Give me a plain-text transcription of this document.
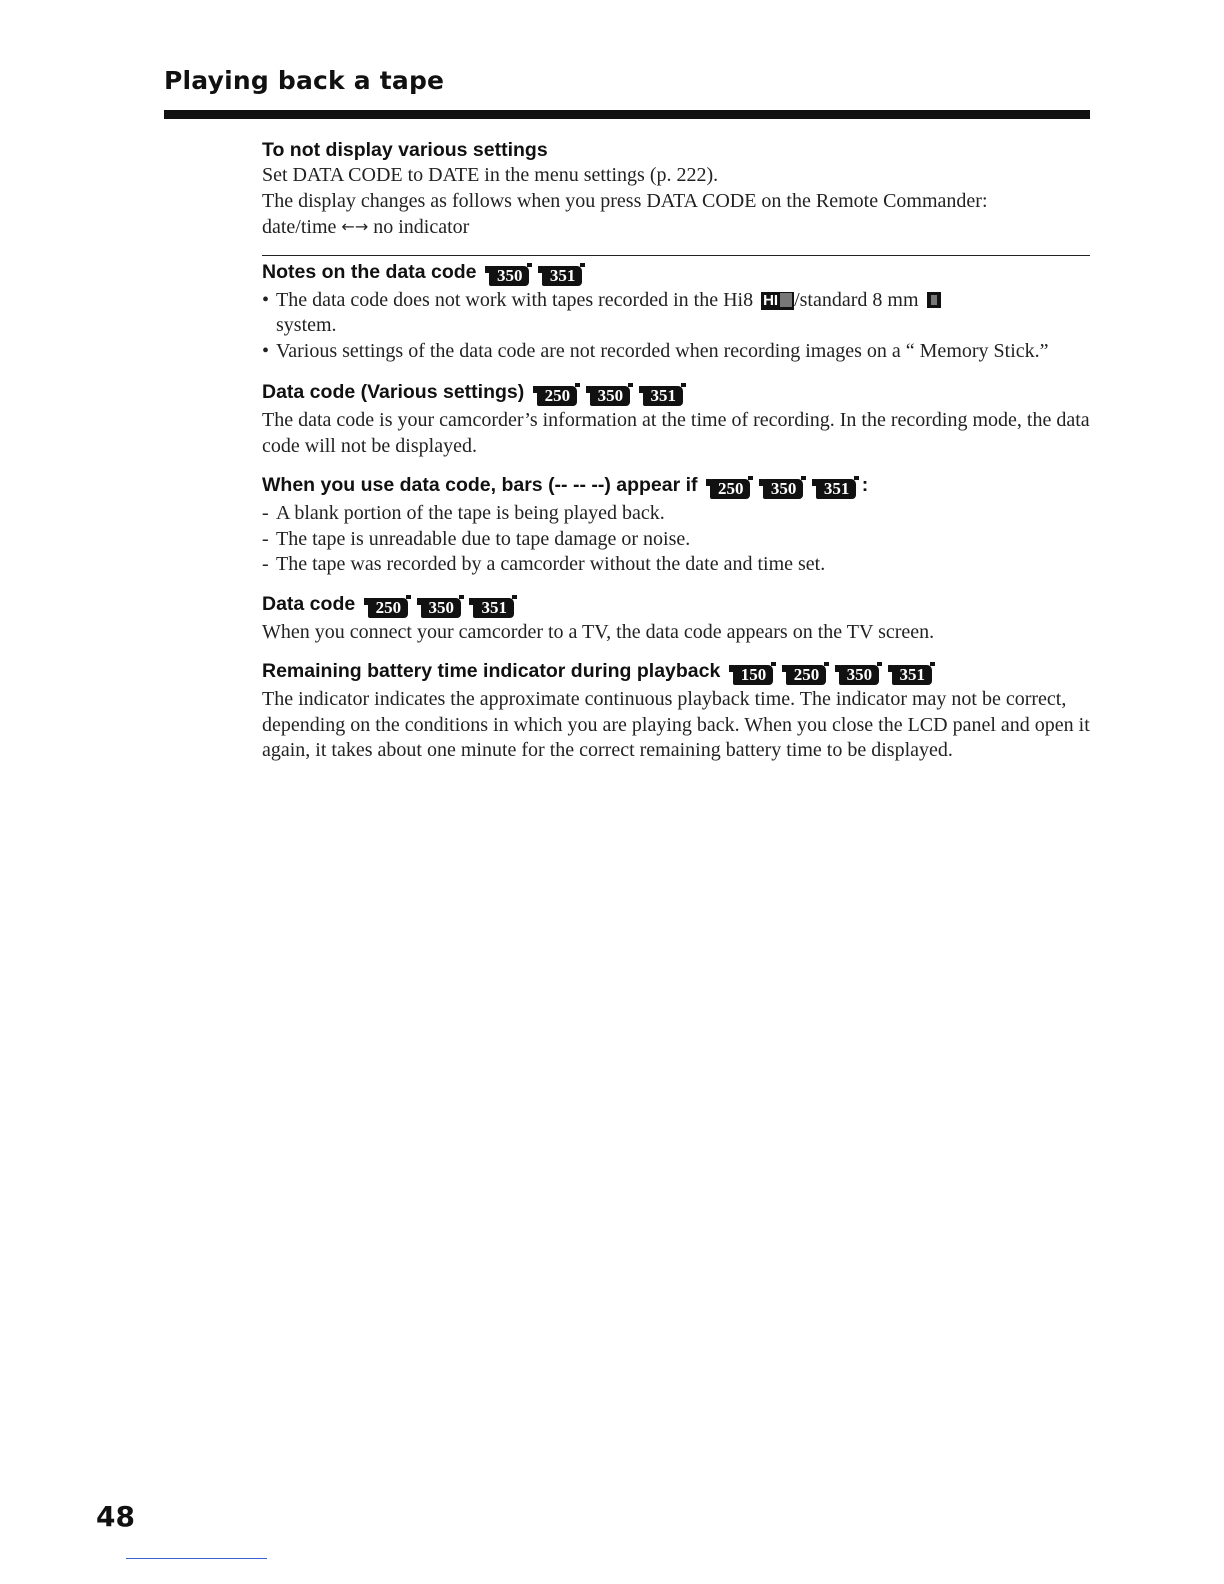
Playing back a tape

To not display various settings

Set DATA CODE to DATE in the menu settings (p. 222).

The display changes as follows when you press DATA CODE on the Remote Commander:

date/time ←→ no indicator

Notes on the data code 350 351

• The data code does not work with tapes recorded in the Hi8 HI /standard 8 mm
system.

• Various settings of the data code are not recorded when recording images on a “ Memory Stick.”

Data code (Various settings) 250 350 351

The data code is your camcorder’s information at the time of recording. In the recording mode, the data code will not be displayed.

When you use data code, bars (-- -- --) appear if 250 350 351 :

- A blank portion of the tape is being played back.

- The tape is unreadable due to tape damage or noise.

- The tape was recorded by a camcorder without the date and time set.

Data code 250 350 351

When you connect your camcorder to a TV, the data code appears on the TV screen.

Remaining battery time indicator during playback 150 250 350 351

The indicator indicates the approximate continuous playback time. The indicator may not be correct, depending on the conditions in which you are playing back. When you close the LCD panel and open it again, it takes about one minute for the correct remaining battery time to be displayed.

48
